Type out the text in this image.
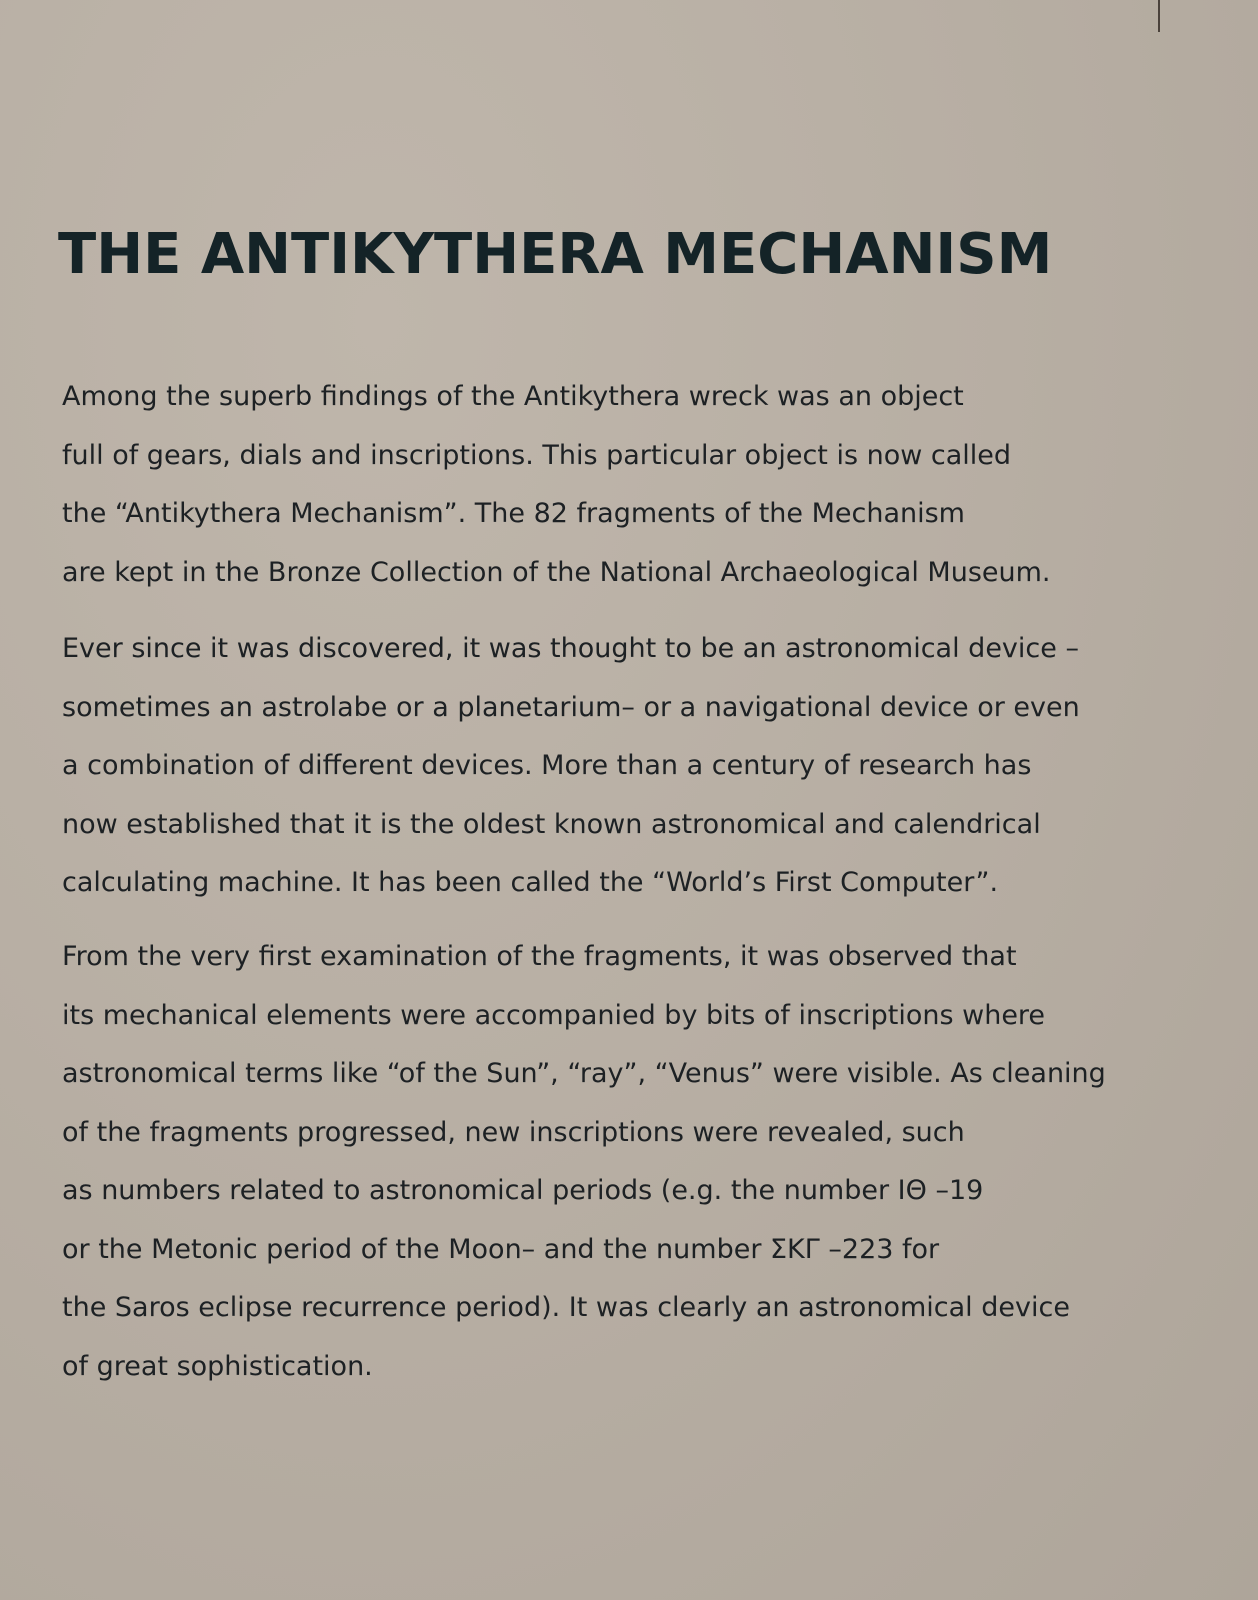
THE ANTIKYTHERA MECHANISM

Among the superb findings of the Antikythera wreck was an object
full of gears, dials and inscriptions. This particular object is now called
the “Antikythera Mechanism”. The 82 fragments of the Mechanism
are kept in the Bronze Collection of the National Archaeological Museum.

Ever since it was discovered, it was thought to be an astronomical device –
sometimes an astrolabe or a planetarium– or a navigational device or even
a combination of different devices. More than a century of research has
now established that it is the oldest known astronomical and calendrical
calculating machine. It has been called the “World’s First Computer”.

From the very first examination of the fragments, it was observed that
its mechanical elements were accompanied by bits of inscriptions where
astronomical terms like “of the Sun”, “ray”, “Venus” were visible. As cleaning
of the fragments progressed, new inscriptions were revealed, such
as numbers related to astronomical periods (e.g. the number ΙΘ –19
or the Metonic period of the Moon– and the number ΣΚΓ –223 for
the Saros eclipse recurrence period). It was clearly an astronomical device
of great sophistication.
